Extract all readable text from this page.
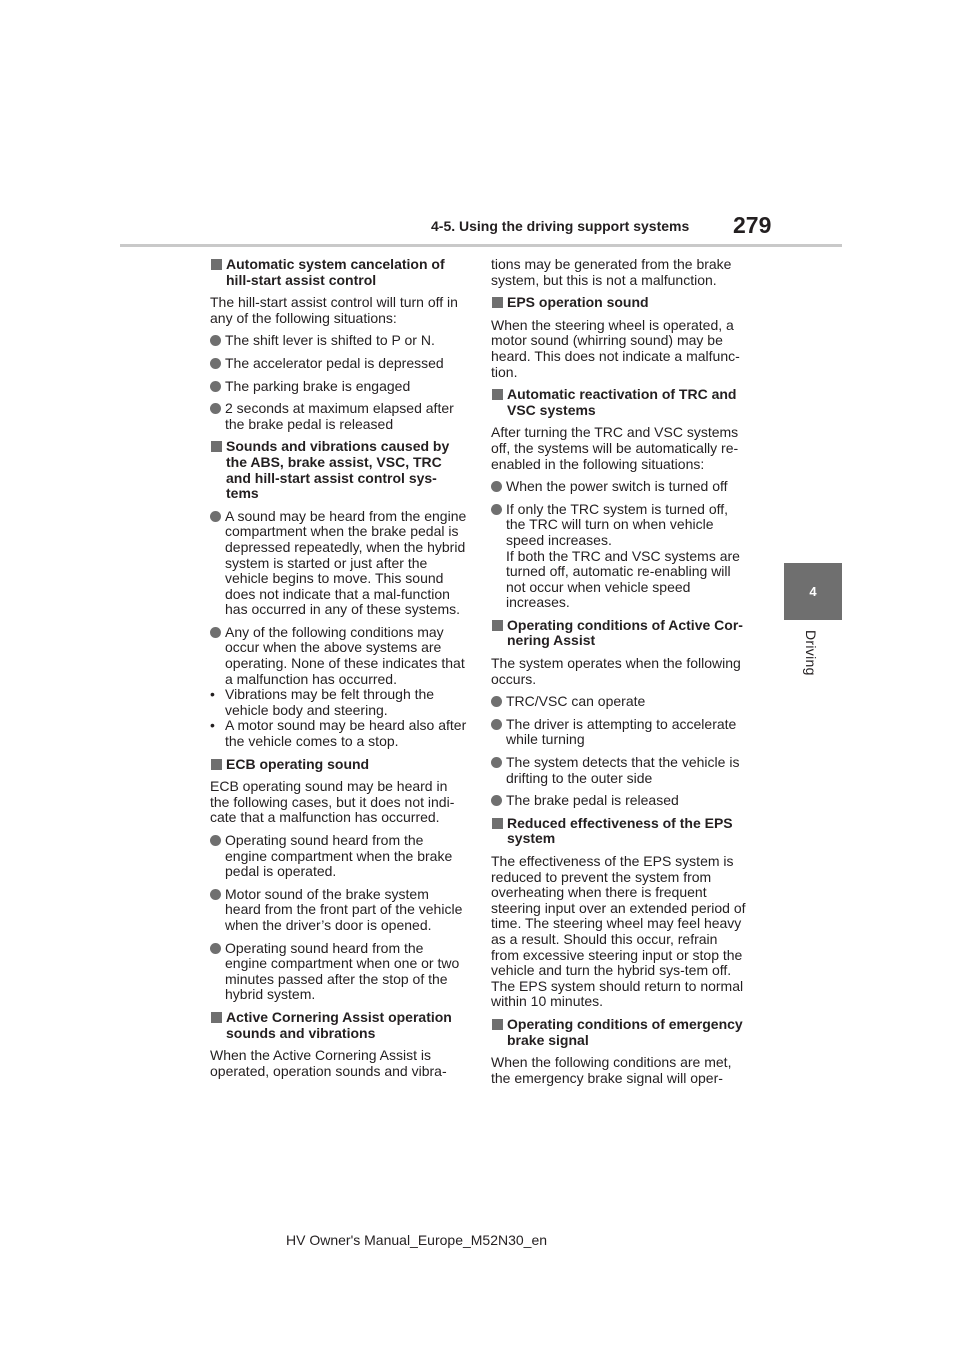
4-5. Using the driving support systems 279
4
Driving
Automatic system cancelation of hill-start assist control

The hill-start assist control will turn off in any of the following situations:

The shift lever is shifted to P or N.
The accelerator pedal is depressed
The parking brake is engaged
2 seconds at maximum elapsed after the brake pedal is released
Sounds and vibrations caused by the ABS, brake assist, VSC, TRC and hill-start assist control sys-tems
A sound may be heard from the engine compartment when the brake pedal is depressed repeatedly, when the hybrid system is started or just after the vehicle begins to move. This sound does not indicate that a mal-function has occurred in any of these systems.
Any of the following conditions may occur when the above systems are operating. None of these indicates that a malfunction has occurred.
• Vibrations may be felt through the vehicle body and steering.
• A motor sound may be heard also after the vehicle comes to a stop.
ECB operating sound

ECB operating sound may be heard in the following cases, but it does not indi-cate that a malfunction has occurred.

Operating sound heard from the engine compartment when the brake pedal is operated.
Motor sound of the brake system heard from the front part of the vehicle when the driver’s door is opened.
Operating sound heard from the engine compartment when one or two minutes passed after the stop of the hybrid system.
Active Cornering Assist operation sounds and vibrations

When the Active Cornering Assist is operated, operation sounds and vibra-

tions may be generated from the brake system, but this is not a malfunction.

EPS operation sound

When the steering wheel is operated, a motor sound (whirring sound) may be heard. This does not indicate a malfunc-tion.

Automatic reactivation of TRC and VSC systems

After turning the TRC and VSC systems off, the systems will be automatically re-enabled in the following situations:

When the power switch is turned off
If only the TRC system is turned off, the TRC will turn on when vehicle speed increases.
If both the TRC and VSC systems are turned off, automatic re-enabling will not occur when vehicle speed increases.
Operating conditions of Active Cor-nering Assist

The system operates when the following occurs.

TRC/VSC can operate
The driver is attempting to accelerate while turning
The system detects that the vehicle is drifting to the outer side
The brake pedal is released
Reduced effectiveness of the EPS system

The effectiveness of the EPS system is reduced to prevent the system from overheating when there is frequent steering input over an extended period of time. The steering wheel may feel heavy as a result. Should this occur, refrain from excessive steering input or stop the vehicle and turn the hybrid sys-tem off. The EPS system should return to normal within 10 minutes.

Operating conditions of emergency brake signal

When the following conditions are met, the emergency brake signal will oper-

HV Owner's Manual_Europe_M52N30_en
